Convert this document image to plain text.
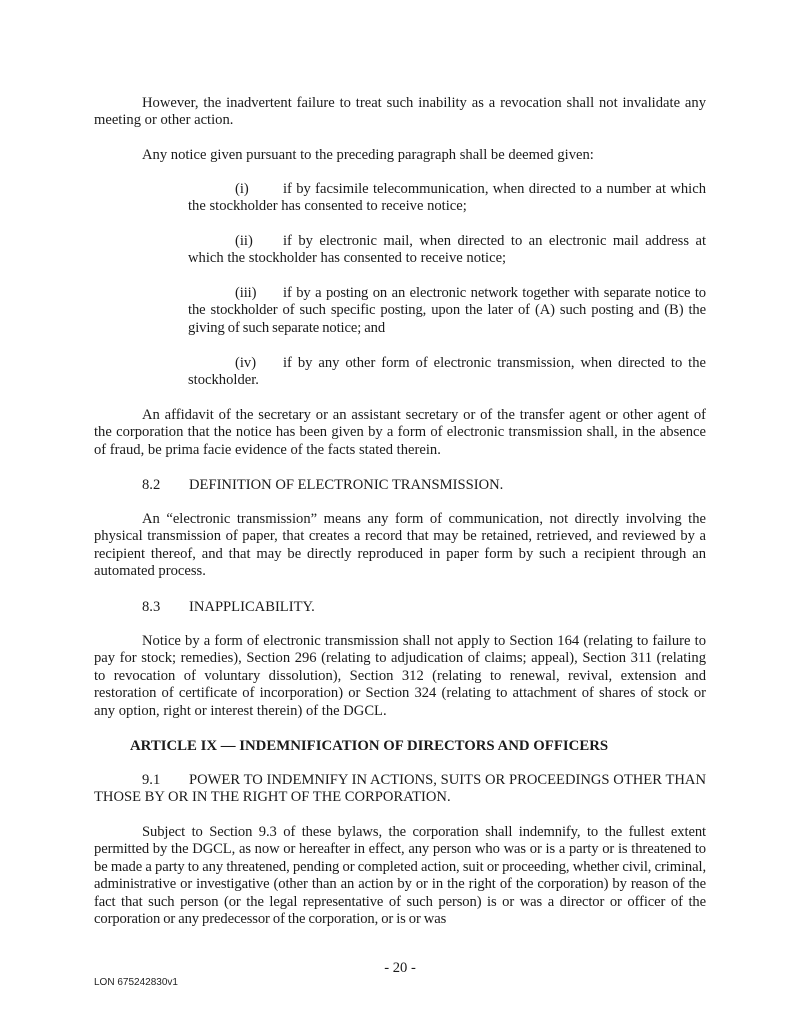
However, the inadvertent failure to treat such inability as a revocation shall not invalidate any meeting or other action.

Any notice given pursuant to the preceding paragraph shall be deemed given:

(i) if by facsimile telecommunication, when directed to a number at which the stockholder has consented to receive notice;

(ii) if by electronic mail, when directed to an electronic mail address at which the stockholder has consented to receive notice;

(iii) if by a posting on an electronic network together with separate notice to the stockholder of such specific posting, upon the later of (A) such posting and (B) the giving of such separate notice; and

(iv) if by any other form of electronic transmission, when directed to the stockholder.

An affidavit of the secretary or an assistant secretary or of the transfer agent or other agent of the corporation that the notice has been given by a form of electronic transmission shall, in the absence of fraud, be prima facie evidence of the facts stated therein.

8.2 DEFINITION OF ELECTRONIC TRANSMISSION.

An “electronic transmission” means any form of communication, not directly involving the physical transmission of paper, that creates a record that may be retained, retrieved, and reviewed by a recipient thereof, and that may be directly reproduced in paper form by such a recipient through an automated process.

8.3 INAPPLICABILITY.

Notice by a form of electronic transmission shall not apply to Section 164 (relating to failure to pay for stock; remedies), Section 296 (relating to adjudication of claims; appeal), Section 311 (relating to revocation of voluntary dissolution), Section 312 (relating to renewal, revival, extension and restoration of certificate of incorporation) or Section 324 (relating to attachment of shares of stock or any option, right or interest therein) of the DGCL.

ARTICLE IX — INDEMNIFICATION OF DIRECTORS AND OFFICERS

9.1 POWER TO INDEMNIFY IN ACTIONS, SUITS OR PROCEEDINGS OTHER THAN THOSE BY OR IN THE RIGHT OF THE CORPORATION.

Subject to Section 9.3 of these bylaws, the corporation shall indemnify, to the fullest extent permitted by the DGCL, as now or hereafter in effect, any person who was or is a party or is threatened to be made a party to any threatened, pending or completed action, suit or proceeding, whether civil, criminal, administrative or investigative (other than an action by or in the right of the corporation) by reason of the fact that such person (or the legal representative of such person) is or was a director or officer of the corporation or any predecessor of the corporation, or is or was

- 20 -
LON 675242830v1
